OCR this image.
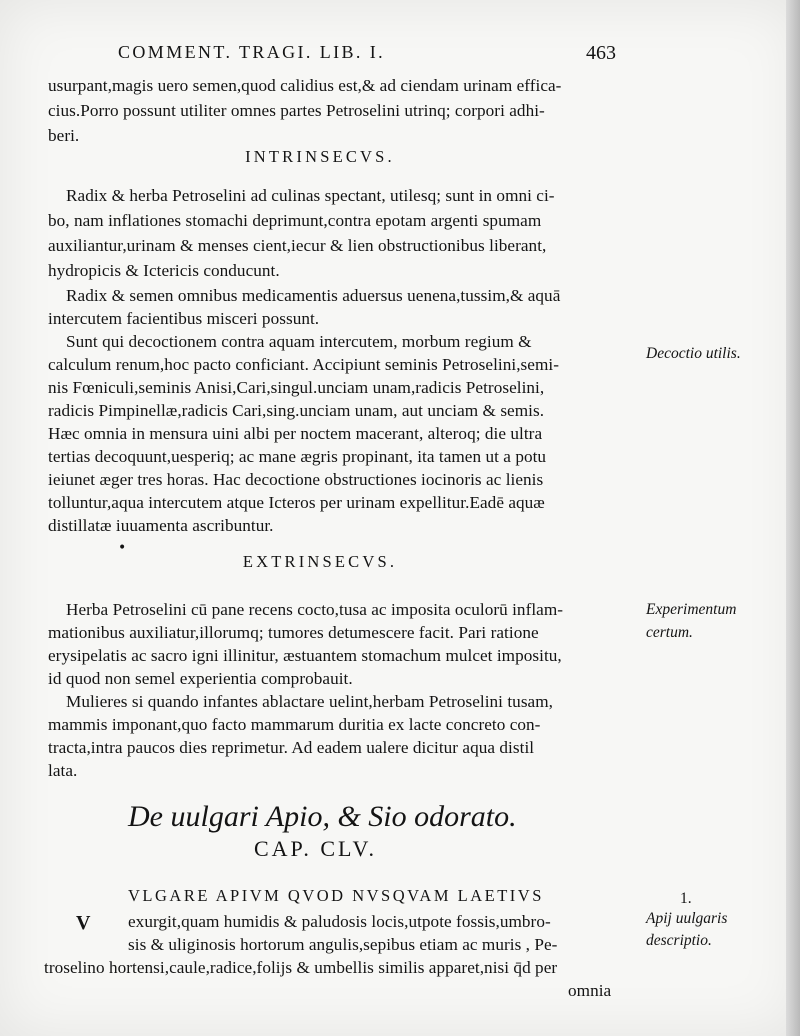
COMMENT. TRAGI. LIB. I.	463
usurpant,magis uero semen,quod calidius est,& ad ciendam urinam effica-
cius.Porro possunt utiliter omnes partes Petroselini utrinq; corpori adhi-
beri.
INTRINSECVS.
Radix & herba Petroselini ad culinas spectant, utilesq; sunt in omni ci-
bo, nam inflationes stomachi deprimunt,contra epotam argenti spumam
auxiliantur,urinam & menses cient,iecur & lien obstructionibus liberant,
hydropicis & Ictericis conducunt.
Radix & semen omnibus medicamentis aduersus uenena,tussim,& aquā
intercutem facientibus misceri possunt.
Sunt qui decoctionem contra aquam intercutem, morbum regium &
calculum renum,hoc pacto conficiant. Accipiunt seminis Petroselini,semi-
nis Fœniculi,seminis Anisi,Cari,singul.unciam unam,radicis Petroselini,
radicis Pimpinellæ,radicis Cari,sing.unciam unam, aut unciam & semis.
Hæc omnia in mensura uini albi per noctem macerant, alteroq; die ultra
tertias decoquunt,uesperiq; ac mane ægris propinant, ita tamen ut a potu
ieiunet æger tres horas. Hac decoctione obstructiones iocinoris ac lienis
tolluntur,aqua intercutem atque Icteros per urinam expellitur.Eadē aquæ
distillatæ iuuamenta ascribuntur.
•
EXTRINSECVS.
Herba Petroselini cū pane recens cocto,tusa ac imposita oculorū inflam-
mationibus auxiliatur,illorumq; tumores detumescere facit. Pari ratione
erysipelatis ac sacro igni illinitur, æstuantem stomachum mulcet impositu,
id quod non semel experientia comprobauit.
Mulieres si quando infantes ablactare uelint,herbam Petroselini tusam,
mammis imponant,quo facto mammarum duritia ex lacte concreto con-
tracta,intra paucos dies reprimetur. Ad eadem ualere dicitur aqua distil
lata.
De uulgari Apio, & Sio odorato.
CAP. CLV.
VLGARE APIVM QVOD NVSQVAM LAETIVS
V exurgit,quam humidis & paludosis locis,utpote fossis,umbro-
sis & uliginosis hortorum angulis,sepibus etiam ac muris , Pe-
troselino hortensi,caule,radice,folijs & umbellis similis apparet,nisi q̄d per
omnia
Decoctio utilis.
Experimentum
certum.
1.
Apij uulgaris
descriptio.
